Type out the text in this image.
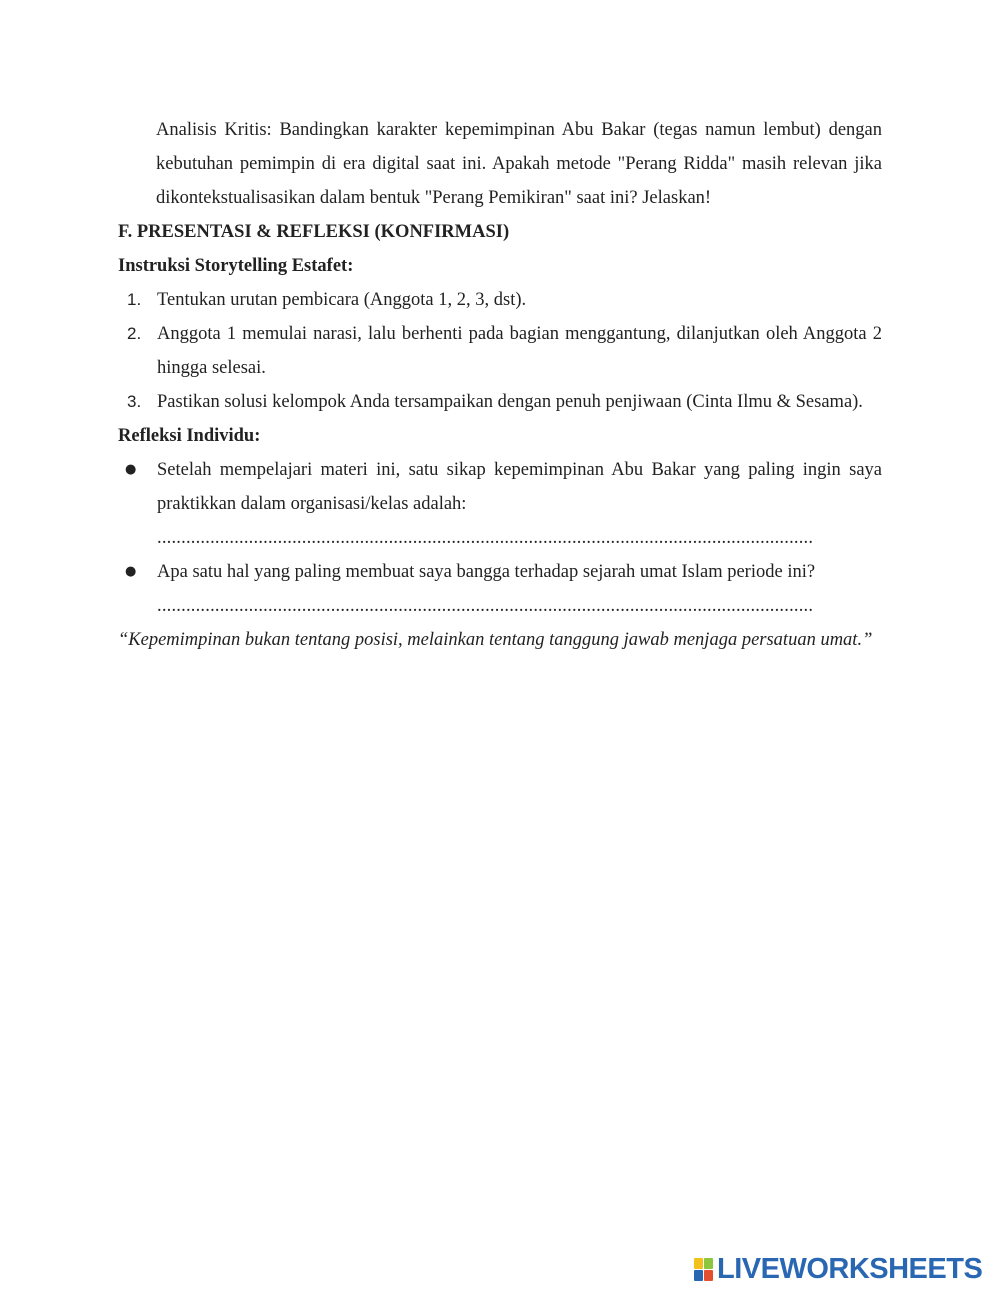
Analisis Kritis: Bandingkan karakter kepemimpinan Abu Bakar (tegas namun lembut) dengan kebutuhan pemimpin di era digital saat ini. Apakah metode "Perang Ridda" masih relevan jika dikontekstualisasikan dalam bentuk "Perang Pemikiran" saat ini? Jelaskan!

F. PRESENTASI & REFLEKSI (KONFIRMASI)

Instruksi Storytelling Estafet:

1. Tentukan urutan pembicara (Anggota 1, 2, 3, dst).
2. Anggota 1 memulai narasi, lalu berhenti pada bagian menggantung, dilanjutkan oleh Anggota 2 hingga selesai.
3. Pastikan solusi kelompok Anda tersampaikan dengan penuh penjiwaan (Cinta Ilmu & Sesama).

Refleksi Individu:

● Setelah mempelajari materi ini, satu sikap kepemimpinan Abu Bakar yang paling ingin saya praktikkan dalam organisasi/kelas adalah:
........................................................................................................................................
● Apa satu hal yang paling membuat saya bangga terhadap sejarah umat Islam periode ini?
........................................................................................................................................

“Kepemimpinan bukan tentang posisi, melainkan tentang tanggung jawab menjaga persatuan umat.”

LIVEWORKSHEETS
